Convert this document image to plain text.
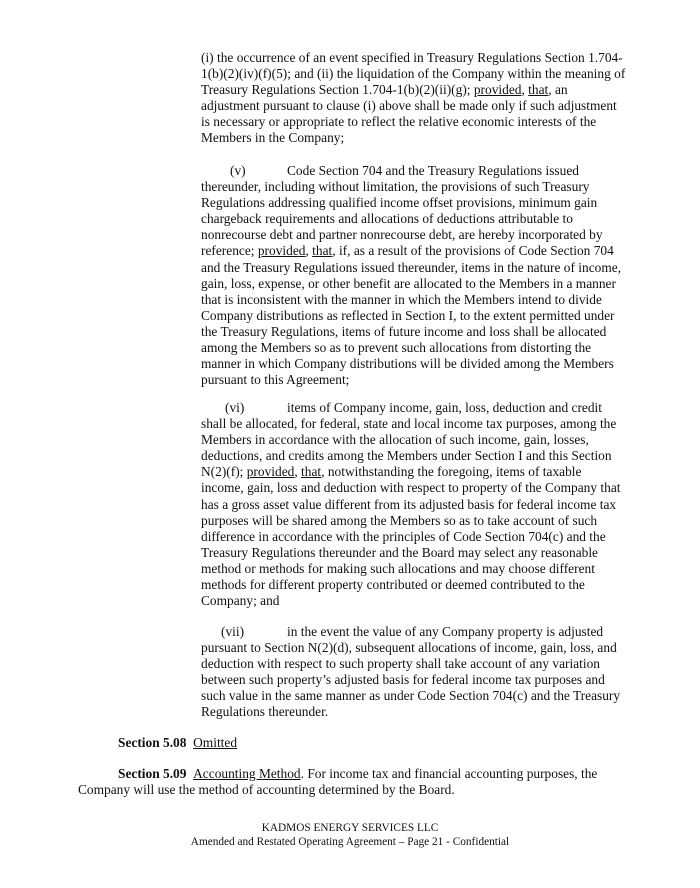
(i) the occurrence of an event specified in Treasury Regulations Section 1.704-1(b)(2)(iv)(f)(5); and (ii) the liquidation of the Company within the meaning of Treasury Regulations Section 1.704-1(b)(2)(ii)(g); provided, that, an adjustment pursuant to clause (i) above shall be made only if such adjustment is necessary or appropriate to reflect the relative economic interests of the Members in the Company;
(v)	Code Section 704 and the Treasury Regulations issued thereunder, including without limitation, the provisions of such Treasury Regulations addressing qualified income offset provisions, minimum gain chargeback requirements and allocations of deductions attributable to nonrecourse debt and partner nonrecourse debt, are hereby incorporated by reference; provided, that, if, as a result of the provisions of Code Section 704 and the Treasury Regulations issued thereunder, items in the nature of income, gain, loss, expense, or other benefit are allocated to the Members in a manner that is inconsistent with the manner in which the Members intend to divide Company distributions as reflected in Section I, to the extent permitted under the Treasury Regulations, items of future income and loss shall be allocated among the Members so as to prevent such allocations from distorting the manner in which Company distributions will be divided among the Members pursuant to this Agreement;
(vi)	items of Company income, gain, loss, deduction and credit shall be allocated, for federal, state and local income tax purposes, among the Members in accordance with the allocation of such income, gain, losses, deductions, and credits among the Members under Section I and this Section N(2)(f); provided, that, notwithstanding the foregoing, items of taxable income, gain, loss and deduction with respect to property of the Company that has a gross asset value different from its adjusted basis for federal income tax purposes will be shared among the Members so as to take account of such difference in accordance with the principles of Code Section 704(c) and the Treasury Regulations thereunder and the Board may select any reasonable method or methods for making such allocations and may choose different methods for different property contributed or deemed contributed to the Company; and
(vii)	in the event the value of any Company property is adjusted pursuant to Section N(2)(d), subsequent allocations of income, gain, loss, and deduction with respect to such property shall take account of any variation between such property’s adjusted basis for federal income tax purposes and such value in the same manner as under Code Section 704(c) and the Treasury Regulations thereunder.
Section 5.08 Omitted
Section 5.09 Accounting Method. For income tax and financial accounting purposes, the Company will use the method of accounting determined by the Board.
KADMOS ENERGY SERVICES LLC
Amended and Restated Operating Agreement – Page 21 - Confidential
